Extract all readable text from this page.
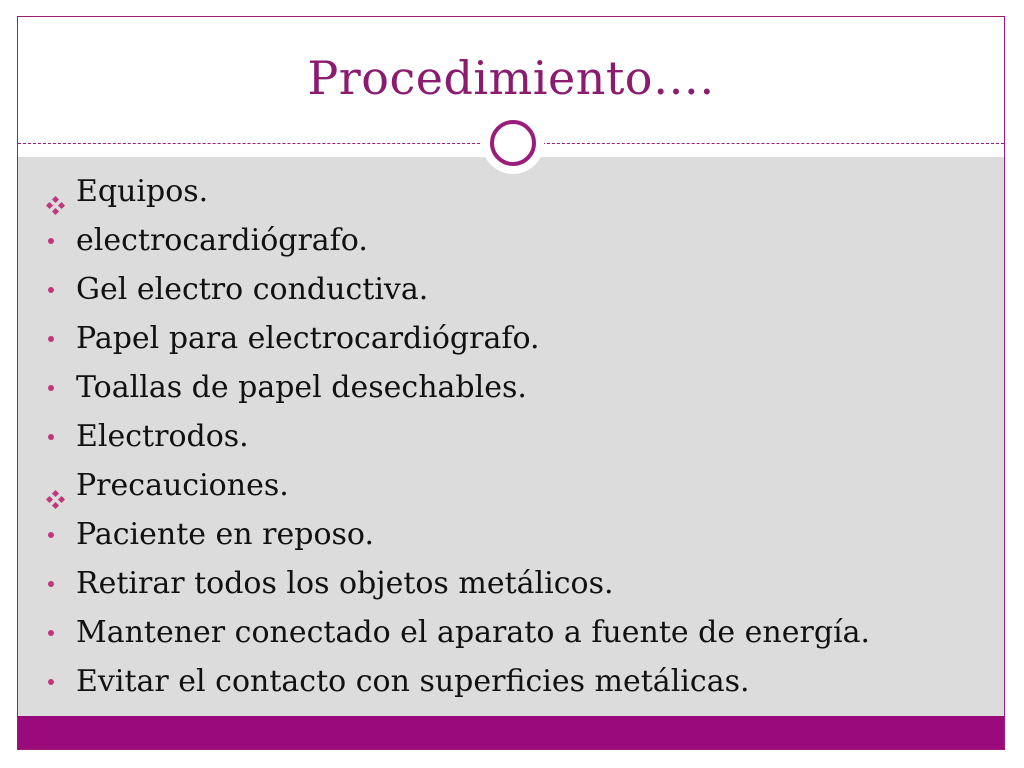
Procedimiento….
Equipos.
electrocardiógrafo.
Gel electro conductiva.
Papel para electrocardiógrafo.
Toallas de papel desechables.
Electrodos.
Precauciones.
Paciente en reposo.
Retirar todos los objetos metálicos.
Mantener conectado el aparato a fuente de energía.
Evitar el contacto con superficies metálicas.
